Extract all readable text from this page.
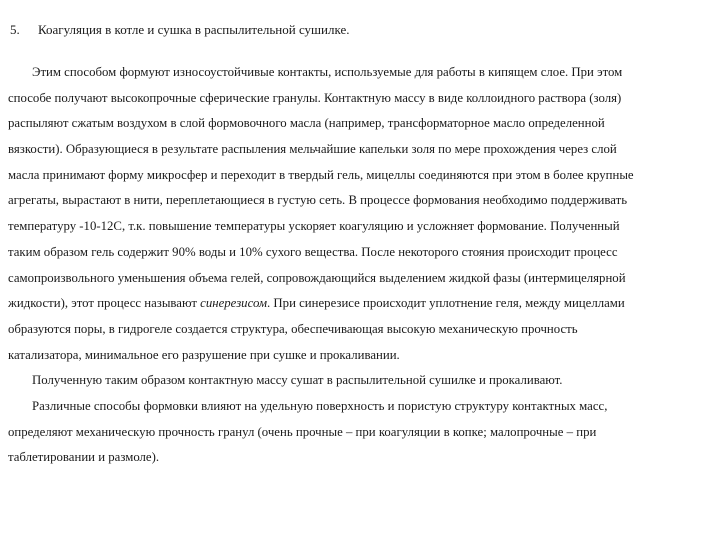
5. Коагуляция в котле и сушка в распылительной сушилке.
Этим способом формуют износоустойчивые контакты, используемые для работы в кипящем слое. При этом
способе получают высокопрочные сферические гранулы. Контактную массу в виде коллоидного раствора (золя)
распыляют сжатым воздухом в слой формовочного масла (например, трансформаторное масло определенной
вязкости). Образующиеся в результате распыления мельчайшие капельки золя по мере прохождения через слой
масла принимают форму микросфер и переходит в твердый гель, мицеллы соединяются при этом в более крупные
агрегаты, вырастают в нити, переплетающиеся в густую сеть. В процессе формования необходимо поддерживать
температуру -10-12С, т.к. повышение температуры ускоряет коагуляцию и усложняет формование. Полученный
таким образом гель содержит 90% воды и 10% сухого вещества. После некоторого стояния происходит процесс
самопроизвольного уменьшения объема гелей, сопровождающийся выделением жидкой фазы (интермицелярной
жидкости), этот процесс называют синерезисом. При синерезисе происходит уплотнение геля, между мицеллами
образуются поры, в гидрогеле создается структура, обеспечивающая высокую механическую прочность
катализатора, минимальное его разрушение при сушке и прокаливании.
Полученную таким образом контактную массу сушат в распылительной сушилке и прокаливают.
Различные способы формовки влияют на удельную поверхность и пористую структуру контактных масс,
определяют механическую прочность гранул (очень прочные – при коагуляции в копке; малопрочные – при
таблетировании и размоле).
